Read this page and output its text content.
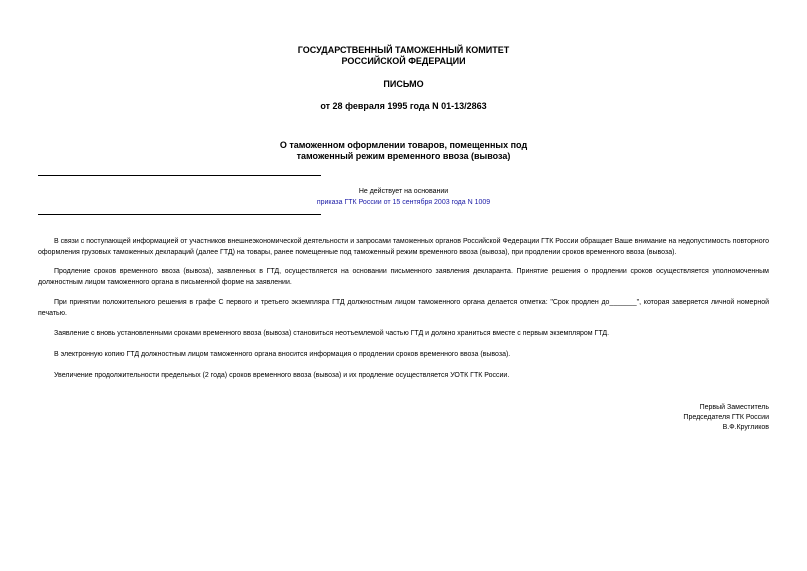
ГОСУДАРСТВЕННЫЙ ТАМОЖЕННЫЙ КОМИТЕТ
РОССИЙСКОЙ ФЕДЕРАЦИИ
ПИСЬМО
от 28 февраля 1995 года N 01-13/2863
О таможенном оформлении товаров, помещенных под
таможенный режим временного ввоза (вывоза)
Не действует на основании
приказа ГТК России от 15 сентября 2003 года N 1009

В связи с поступающей информацией от участников внешнеэкономической деятельности и запросами таможенных органов Российской Федерации ГТК России обращает Ваше внимание на недопустимость повторного оформления грузовых таможенных деклараций (далее ГТД) на товары, ранее помещенные под таможенный режим временного ввоза (вывоза), при продлении сроков временного ввоза (вывоза).

Продление сроков временного ввоза (вывоза), заявленных в ГТД, осуществляется на основании письменного заявления декларанта. Принятие решения о продлении сроков осуществляется уполномоченным должностным лицом таможенного органа в письменной форме на заявлении.

При принятии положительного решения в графе С первого и третьего экземпляра ГТД должностным лицом таможенного органа делается отметка: "Срок продлен до_______", которая заверяется личной номерной печатью.

Заявление с вновь установленными сроками временного ввоза (вывоза) становиться неотъемлемой частью ГТД и должно храниться вместе с первым экземпляром ГТД.

В электронную копию ГТД должностным лицом таможенного органа вносится информация о продлении сроков временного ввоза (вывоза).

Увеличение продолжительности предельных (2 года) сроков временного ввоза (вывоза) и их продление осуществляется УОТК ГТК России.

Первый Заместитель
Председателя ГТК России
В.Ф.Кругликов
